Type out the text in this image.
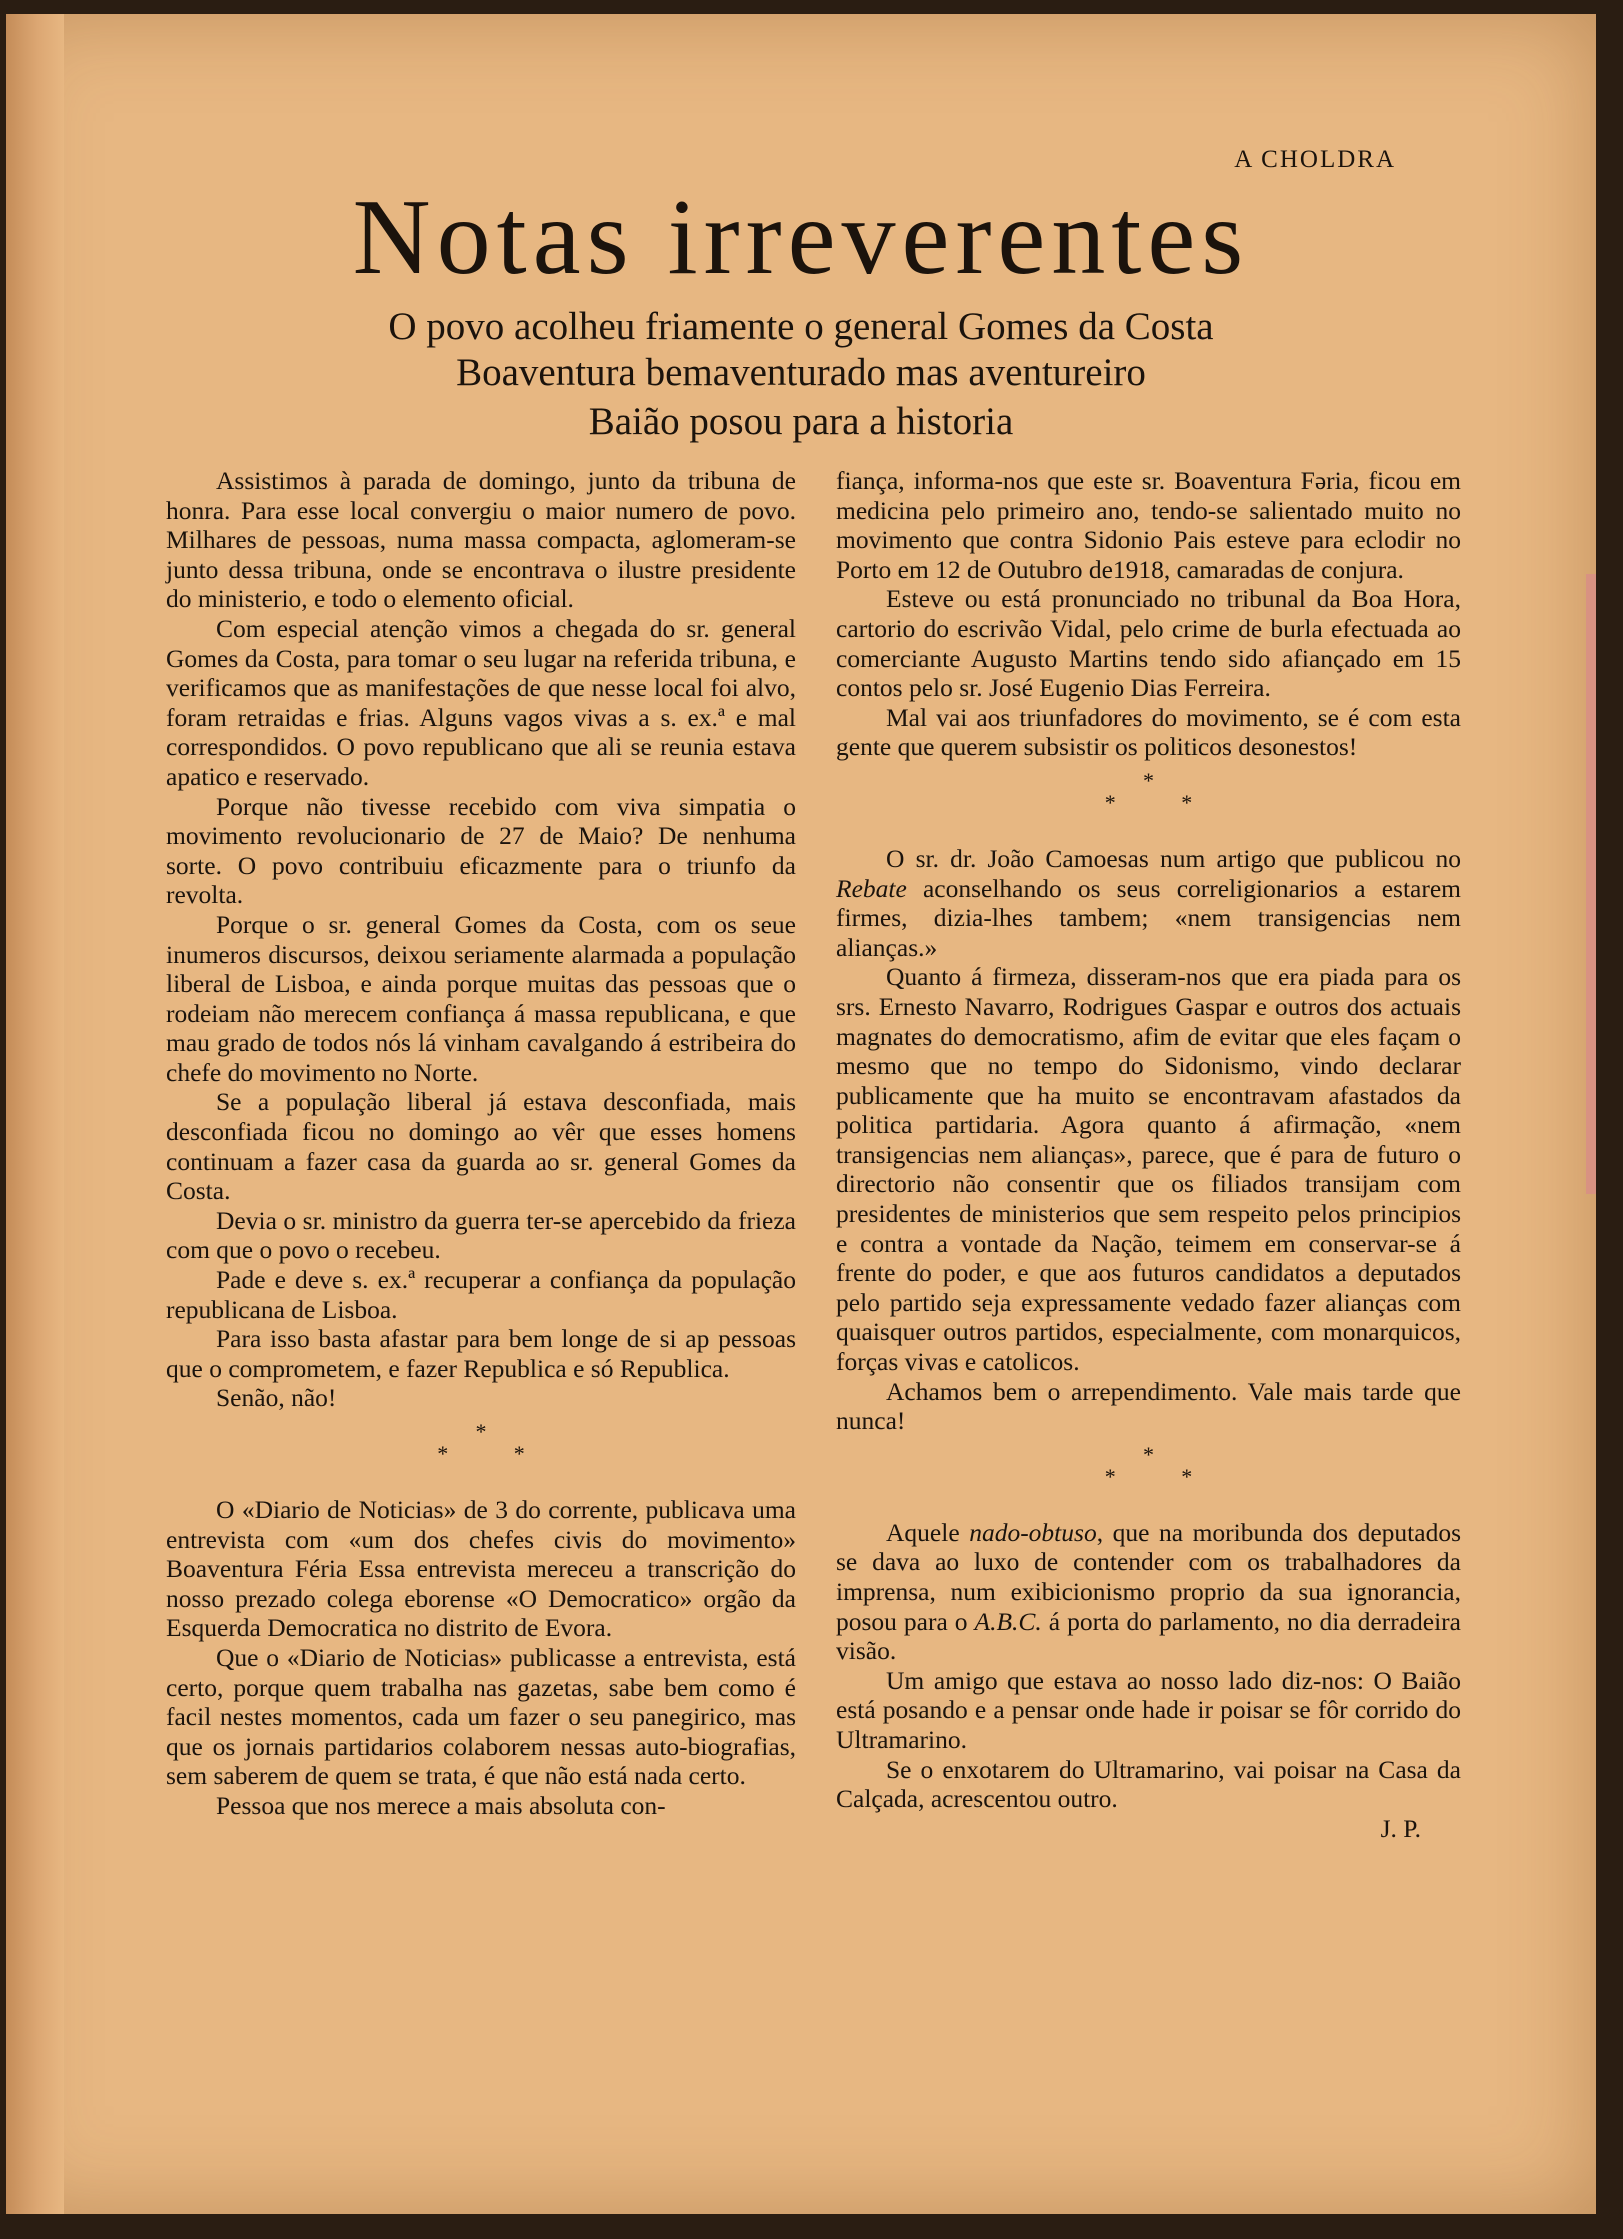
A CHOLDRA
Notas irreverentes
O povo acolheu friamente o general Gomes da Costa
Boaventura bemaventurado mas aventureiro
Baião posou para a historia

Assistimos à parada de domingo, junto da tribuna de honra. Para esse local convergiu o maior numero de povo. Milhares de pessoas, numa massa compacta, aglomeram-se junto dessa tribuna, onde se encontrava o ilustre presidente do ministerio, e todo o elemento oficial.

Com especial atenção vimos a chegada do sr. general Gomes da Costa, para tomar o seu lugar na referida tribuna, e verificamos que as manifestações de que nesse local foi alvo, foram retraidas e frias. Alguns vagos vivas a s. ex.ª e mal correspondidos. O povo republicano que ali se reunia estava apatico e reservado.

Porque não tivesse recebido com viva simpatia o movimento revolucionario de 27 de Maio? De nenhuma sorte. O povo contribuiu eficazmente para o triunfo da revolta.

Porque o sr. general Gomes da Costa, com os seue inumeros discursos, deixou seriamente alarmada a população liberal de Lisboa, e ainda porque muitas das pessoas que o rodeiam não merecem confiança á massa republicana, e que mau grado de todos nós lá vinham cavalgando á estribeira do chefe do movimento no Norte.

Se a população liberal já estava desconfiada, mais desconfiada ficou no domingo ao vêr que esses homens continuam a fazer casa da guarda ao sr. general Gomes da Costa.

Devia o sr. ministro da guerra ter-se apercebido da frieza com que o povo o recebeu.

Pade e deve s. ex.ª recuperar a confiança da população republicana de Lisboa.

Para isso basta afastar para bem longe de si ap pessoas que o comprometem, e fazer Republica e só Republica.

Senão, não!

*
* *

O «Diario de Noticias» de 3 do corrente, publicava uma entrevista com «um dos chefes civis do movimento» Boaventura Féria Essa entrevista mereceu a transcrição do nosso prezado colega eborense «O Democratico» orgão da Esquerda Democratica no distrito de Evora.

Que o «Diario de Noticias» publicasse a entrevista, está certo, porque quem trabalha nas gazetas, sabe bem como é facil nestes momentos, cada um fazer o seu panegirico, mas que os jornais partidarios colaborem nessas auto-biografias, sem saberem de quem se trata, é que não está nada certo.

Pessoa que nos merece a mais absoluta con-

fiança, informa-nos que este sr. Boaventura Fəria, ficou em medicina pelo primeiro ano, tendo-se salientado muito no movimento que contra Sidonio Pais esteve para eclodir no Porto em 12 de Outubro de1918, camaradas de conjura.

Esteve ou está pronunciado no tribunal da Boa Hora, cartorio do escrivão Vidal, pelo crime de burla efectuada ao comerciante Augusto Martins tendo sido afiançado em 15 contos pelo sr. José Eugenio Dias Ferreira.

Mal vai aos triunfadores do movimento, se é com esta gente que querem subsistir os politicos desonestos!

*
* *

O sr. dr. João Camoesas num artigo que publicou no Rebate aconselhando os seus correligionarios a estarem firmes, dizia-lhes tambem; «nem transigencias nem alianças.»

Quanto á firmeza, disseram-nos que era piada para os srs. Ernesto Navarro, Rodrigues Gaspar e outros dos actuais magnates do democratismo, afim de evitar que eles façam o mesmo que no tempo do Sidonismo, vindo declarar publicamente que ha muito se encontravam afastados da politica partidaria. Agora quanto á afirmação, «nem transigencias nem alianças», parece, que é para de futuro o directorio não consentir que os filiados transijam com presidentes de ministerios que sem respeito pelos principios e contra a vontade da Nação, teimem em conservar-se á frente do poder, e que aos futuros candidatos a deputados pelo partido seja expressamente vedado fazer alianças com quaisquer outros partidos, especialmente, com monarquicos, forças vivas e catolicos.

Achamos bem o arrependimento. Vale mais tarde que nunca!

*
* *

Aquele nado-obtuso, que na moribunda dos deputados se dava ao luxo de contender com os trabalhadores da imprensa, num exibicionismo proprio da sua ignorancia, posou para o A.B.C. á porta do parlamento, no dia derradeira visão.

Um amigo que estava ao nosso lado diz-nos: O Baião está posando e a pensar onde hade ir poisar se fôr corrido do Ultramarino.

Se o enxotarem do Ultramarino, vai poisar na Casa da Calçada, acrescentou outro.

J. P.
